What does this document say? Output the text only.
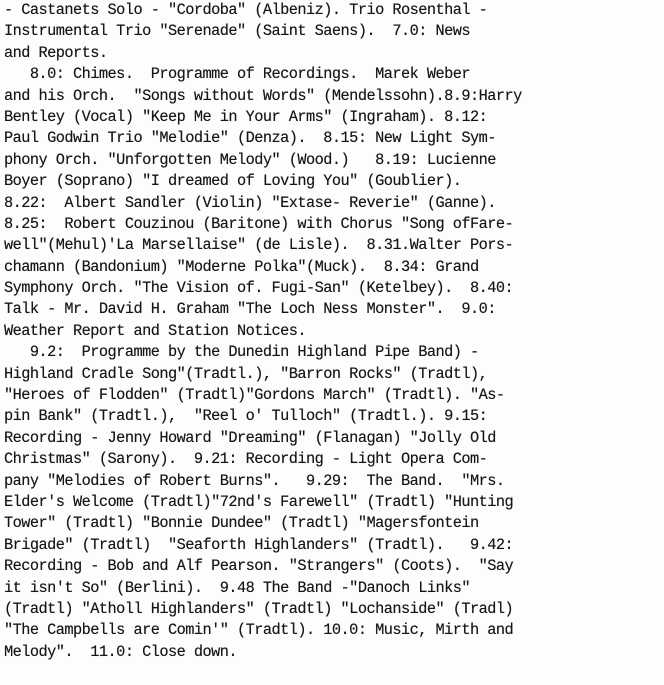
- Castanets Solo - "Cordoba" (Albeniz). Trio Rosenthal -
Instrumental Trio "Serenade" (Saint Saens).  7.0: News
and Reports.
8.0: Chimes.  Programme of Recordings.  Marek Weber
and his Orch.  "Songs without Words" (Mendelssohn).8.9:Harry
Bentley (Vocal) "Keep Me in Your Arms" (Ingraham). 8.12:
Paul Godwin Trio "Melodie" (Denza).  8.15: New Light Sym-
phony Orch. "Unforgotten Melody" (Wood.)   8.19: Lucienne
Boyer (Soprano) "I dreamed of Loving You" (Goublier).
8.22:  Albert Sandler (Violin) "Extase- Reverie" (Ganne).
8.25:  Robert Couzinou (Baritone) with Chorus "Song ofFare-
well"(Mehul)'La Marsellaise" (de Lisle).  8.31.Walter Pors-
chamann (Bandonium) "Moderne Polka"(Muck).  8.34: Grand
Symphony Orch. "The Vision of. Fugi-San" (Ketelbey).  8.40:
Talk - Mr. David H. Graham "The Loch Ness Monster".  9.0:
Weather Report and Station Notices.
9.2:  Programme by the Dunedin Highland Pipe Band) -
Highland Cradle Song"(Tradtl.), "Barron Rocks" (Tradtl),
"Heroes of Flodden" (Tradtl)"Gordons March" (Tradtl). "As-
pin Bank" (Tradtl.),  "Reel o' Tulloch" (Tradtl.). 9.15:
Recording - Jenny Howard "Dreaming" (Flanagan) "Jolly Old
Christmas" (Sarony).  9.21: Recording - Light Opera Com-
pany "Melodies of Robert Burns".   9.29:  The Band.  "Mrs.
Elder's Welcome (Tradtl)"72nd's Farewell" (Tradtl) "Hunting
Tower" (Tradtl) "Bonnie Dundee" (Tradtl) "Magersfontein
Brigade" (Tradtl)  "Seaforth Highlanders" (Tradtl).   9.42:
Recording - Bob and Alf Pearson. "Strangers" (Coots).  "Say
it isn't So" (Berlini).  9.48 The Band -"Danoch Links"
(Tradtl) "Atholl Highlanders" (Tradtl) "Lochanside" (Tradl)
"The Campbells are Comin'" (Tradtl). 10.0: Music, Mirth and
Melody".  11.0: Close down.
